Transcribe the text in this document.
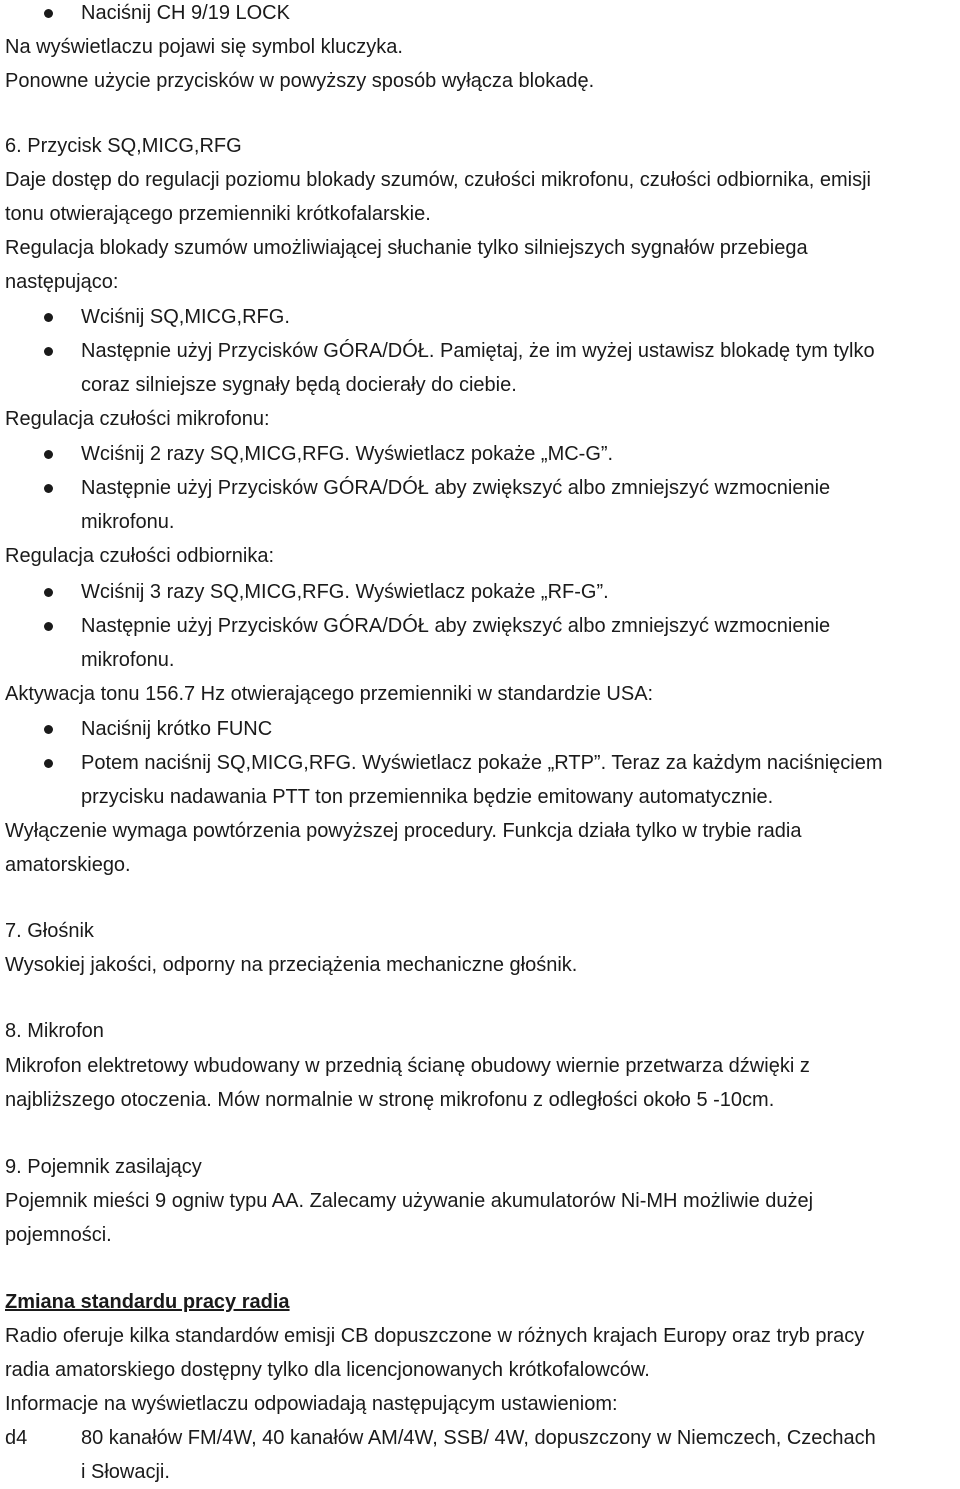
Naciśnij CH 9/19 LOCK
Na wyświetlaczu pojawi się symbol kluczyka.
Ponowne użycie przycisków w powyższy sposób wyłącza blokadę.
6. Przycisk SQ,MICG,RFG
Daje dostęp do regulacji poziomu blokady szumów, czułości mikrofonu, czułości odbiornika, emisji
tonu otwierającego przemienniki krótkofalarskie.
Regulacja blokady szumów umożliwiającej słuchanie tylko silniejszych sygnałów przebiega
następująco:
Wciśnij SQ,MICG,RFG.
Następnie użyj Przycisków GÓRA/DÓŁ. Pamiętaj, że im wyżej ustawisz blokadę tym tylko
coraz silniejsze sygnały będą docierały do ciebie.
Regulacja czułości mikrofonu:
Wciśnij 2 razy SQ,MICG,RFG. Wyświetlacz pokaże „MC-G”.
Następnie użyj Przycisków GÓRA/DÓŁ aby zwiększyć albo zmniejszyć wzmocnienie
mikrofonu.
Regulacja czułości odbiornika:
Wciśnij 3 razy SQ,MICG,RFG. Wyświetlacz pokaże „RF-G”.
Następnie użyj Przycisków GÓRA/DÓŁ aby zwiększyć albo zmniejszyć wzmocnienie
mikrofonu.
Aktywacja tonu 156.7 Hz otwierającego przemienniki w standardzie USA:
Naciśnij krótko FUNC
Potem naciśnij SQ,MICG,RFG. Wyświetlacz pokaże „RTP”. Teraz za każdym naciśnięciem
przycisku nadawania PTT ton przemiennika będzie emitowany automatycznie.
Wyłączenie wymaga powtórzenia powyższej procedury. Funkcja działa tylko w trybie radia
amatorskiego.
7. Głośnik
Wysokiej jakości, odporny na przeciążenia mechaniczne głośnik.
8. Mikrofon
Mikrofon elektretowy wbudowany w przednią ścianę obudowy wiernie przetwarza dźwięki z
najbliższego otoczenia. Mów normalnie w stronę mikrofonu z odległości około 5 -10cm.
9. Pojemnik zasilający
Pojemnik mieści 9 ogniw typu AA. Zalecamy używanie akumulatorów Ni-MH możliwie dużej
pojemności.
Zmiana standardu pracy radia
Radio oferuje kilka standardów emisji CB dopuszczone w różnych krajach Europy oraz tryb pracy
radia amatorskiego dostępny tylko dla licencjonowanych krótkofalowców.
Informacje na wyświetlaczu odpowiadają następującym ustawieniom:
d4	80 kanałów FM/4W, 40 kanałów AM/4W, SSB/ 4W, dopuszczony w Niemczech, Czechach
i Słowacji.
